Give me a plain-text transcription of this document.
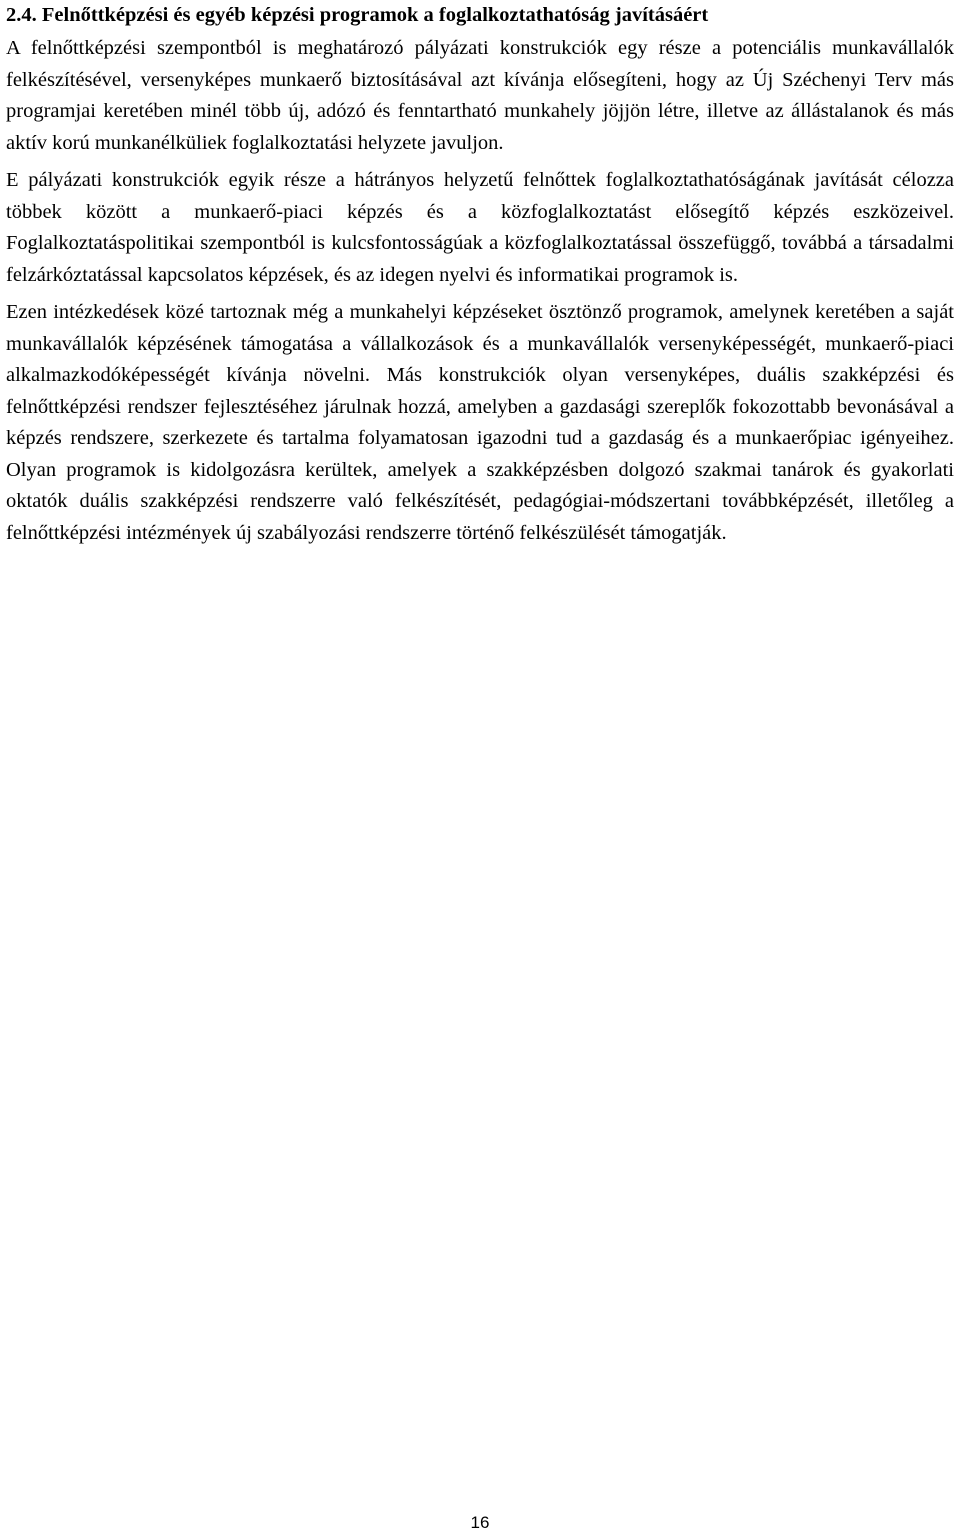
2.4. Felnőttképzési és egyéb képzési programok a foglalkoztathatóság javításáért

A felnőttképzési szempontból is meghatározó pályázati konstrukciók egy része a potenciális munkavállalók felkészítésével, versenyképes munkaerő biztosításával azt kívánja elősegíteni, hogy az Új Széchenyi Terv más programjai keretében minél több új, adózó és fenntartható munkahely jöjjön létre, illetve az állástalanok és más aktív korú munkanélküliek foglalkoztatási helyzete javuljon.

E pályázati konstrukciók egyik része a hátrányos helyzetű felnőttek foglalkoztathatóságának javítását célozza többek között a munkaerő-piaci képzés és a közfoglalkoztatást elősegítő képzés eszközeivel. Foglalkoztatáspolitikai szempontból is kulcsfontosságúak a közfoglalkoztatással összefüggő, továbbá a társadalmi felzárkóztatással kapcsolatos képzések, és az idegen nyelvi és informatikai programok is.

Ezen intézkedések közé tartoznak még a munkahelyi képzéseket ösztönző programok, amelynek keretében a saját munkavállalók képzésének támogatása a vállalkozások és a munkavállalók versenyképességét, munkaerő-piaci alkalmazkodóképességét kívánja növelni. Más konstrukciók olyan versenyképes, duális szakképzési és felnőttképzési rendszer fejlesztéséhez járulnak hozzá, amelyben a gazdasági szereplők fokozottabb bevonásával a képzés rendszere, szerkezete és tartalma folyamatosan igazodni tud a gazdaság és a munkaerőpiac igényeihez. Olyan programok is kidolgozásra kerültek, amelyek a szakképzésben dolgozó szakmai tanárok és gyakorlati oktatók duális szakképzési rendszerre való felkészítését, pedagógiai-módszertani továbbképzését, illetőleg a felnőttképzési intézmények új szabályozási rendszerre történő felkészülését támogatják.

16
